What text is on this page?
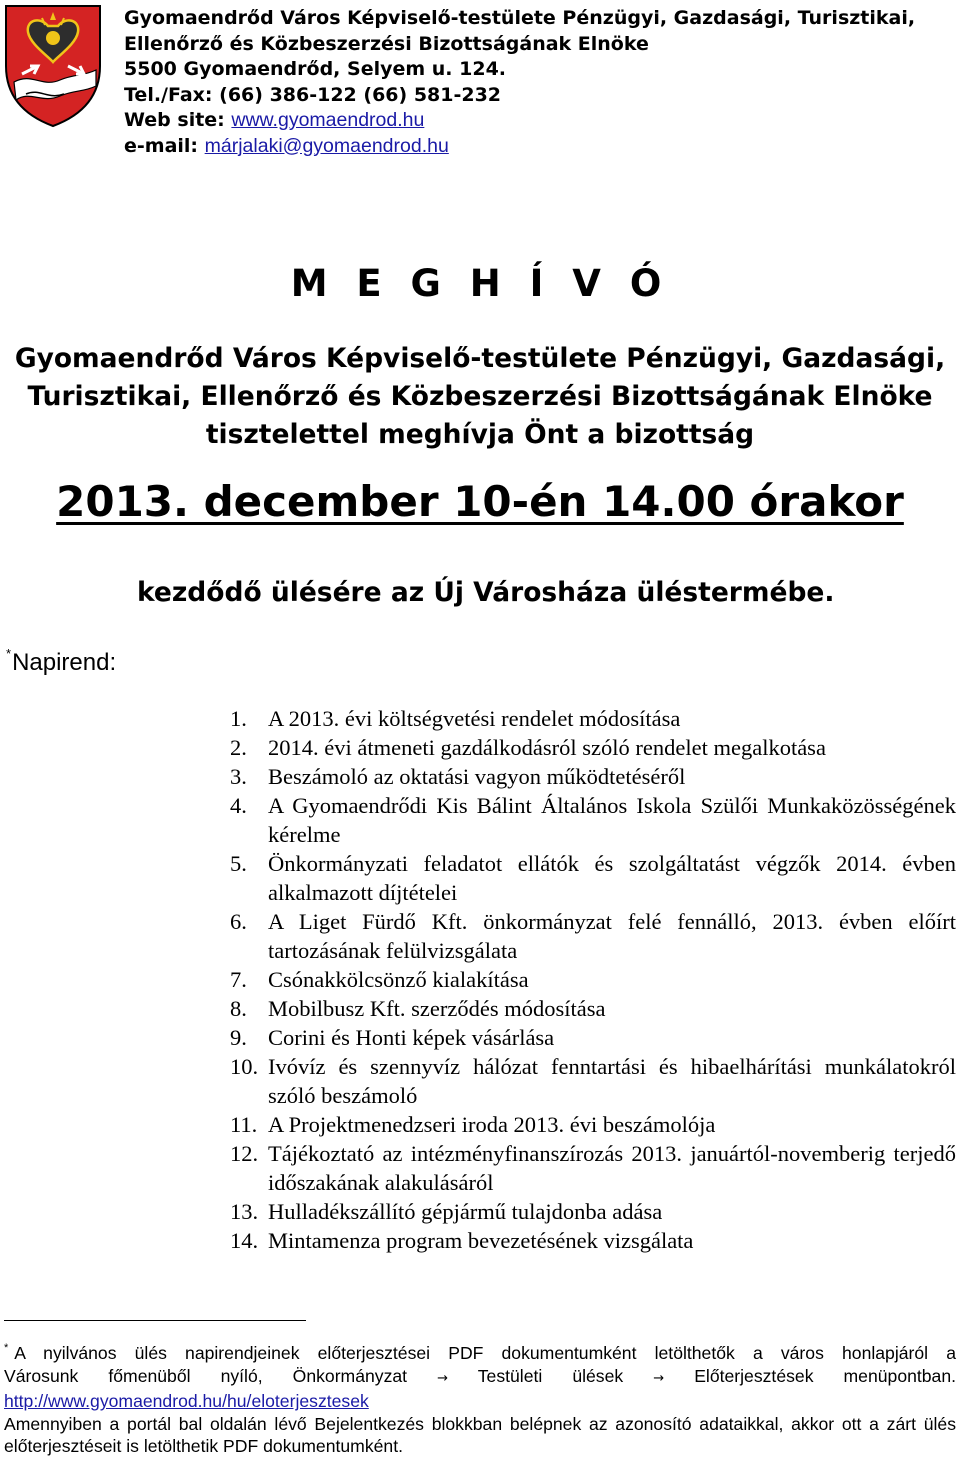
Gyomaendrőd Város Képviselő-testülete Pénzügyi, Gazdasági, Turisztikai,
Ellenőrző és Közbeszerzési Bizottságának Elnöke
5500 Gyomaendrőd, Selyem u. 124.
Tel./Fax: (66) 386-122 (66) 581-232
Web site: www.gyomaendrod.hu
e-mail: márjalaki@gyomaendrod.hu
M E G H Í V Ó
Gyomaendrőd Város Képviselő-testülete Pénzügyi, Gazdasági,
Turisztikai, Ellenőrző és Közbeszerzési Bizottságának Elnöke
tisztelettel meghívja Önt a bizottság
2013. december 10-én 14.00 órakor
kezdődő ülésére az Új Városháza üléstermébe.
*Napirend:
1. A 2013. évi költségvetési rendelet módosítása
2. 2014. évi átmeneti gazdálkodásról szóló rendelet megalkotása
3. Beszámoló az oktatási vagyon működtetéséről
4. A Gyomaendrődi Kis Bálint Általános Iskola Szülői Munkaközösségének kérelme
5. Önkormányzati feladatot ellátók és szolgáltatást végzők 2014. évben alkalmazott díjtételei
6. A Liget Fürdő Kft. önkormányzat felé fennálló, 2013. évben előírt tartozásának felülvizsgálata
7. Csónakkölcsönző kialakítása
8. Mobilbusz Kft. szerződés módosítása
9. Corini és Honti képek vásárlása
10. Ivóvíz és szennyvíz hálózat fenntartási és hibaelhárítási munkálatokról szóló beszámoló
11. A Projektmenedzseri iroda 2013. évi beszámolója
12. Tájékoztató az intézményfinanszírozás 2013. januártól-novemberig terjedő időszakának alakulásáról
13. Hulladékszállító gépjármű tulajdonba adása
14. Mintamenza program bevezetésének vizsgálata

* A nyilvános ülés napirendjeinek előterjesztései PDF dokumentumként letölthetők a város honlapjáról a

Városunk főmenüből nyíló, Önkormányzat → Testületi ülések → Előterjesztések menüpontban.

http://www.gyomaendrod.hu/hu/eloterjesztesek

Amennyiben a portál bal oldalán lévő Bejelentkezés blokkban belépnek az azonosító adataikkal, akkor ott a zárt ülés előterjesztéseit is letölthetik PDF dokumentumként.
